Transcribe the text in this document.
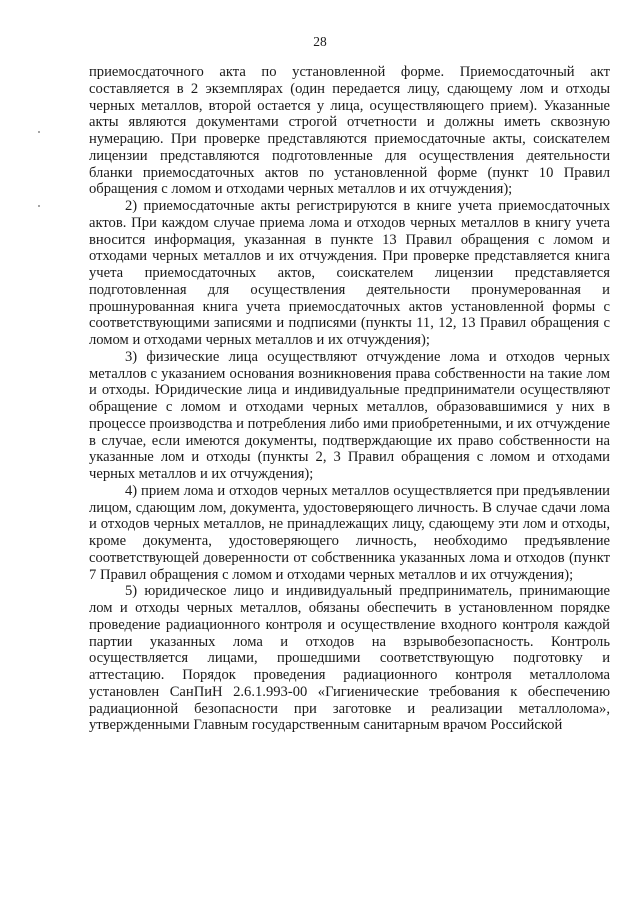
28

приемосдаточного акта по установленной форме. Приемосдаточный акт составляется в 2 экземплярах (один передается лицу, сдающему лом и отходы черных металлов, второй остается у лица, осуществляющего прием). Указанные акты являются документами строгой отчетности и должны иметь сквозную нумерацию. При проверке представляются приемосдаточные акты, соискателем лицензии представляются подготовленные для осуществления деятельности бланки приемосдаточных актов по установленной форме (пункт 10 Правил обращения с ломом и отходами черных металлов и их отчуждения);

2) приемосдаточные акты регистрируются в книге учета приемосдаточных актов. При каждом случае приема лома и отходов черных металлов в книгу учета вносится информация, указанная в пункте 13 Правил обращения с ломом и отходами черных металлов и их отчуждения. При проверке представляется книга учета приемосдаточных актов, соискателем лицензии представляется подготовленная для осуществления деятельности пронумерованная и прошнурованная книга учета приемосдаточных актов установленной формы с соответствующими записями и подписями (пункты 11, 12, 13 Правил обращения с ломом и отходами черных металлов и их отчуждения);

3) физические лица осуществляют отчуждение лома и отходов черных металлов с указанием основания возникновения права собственности на такие лом и отходы. Юридические лица и индивидуальные предприниматели осуществляют обращение с ломом и отходами черных металлов, образовавшимися у них в процессе производства и потребления либо ими приобретенными, и их отчуждение в случае, если имеются документы, подтверждающие их право собственности на указанные лом и отходы (пункты 2, 3 Правил обращения с ломом и отходами черных металлов и их отчуждения);

4) прием лома и отходов черных металлов осуществляется при предъявлении лицом, сдающим лом, документа, удостоверяющего личность. В случае сдачи лома и отходов черных металлов, не принадлежащих лицу, сдающему эти лом и отходы, кроме документа, удостоверяющего личность, необходимо предъявление соответствующей доверенности от собственника указанных лома и отходов (пункт 7 Правил обращения с ломом и отходами черных металлов и их отчуждения);

5) юридическое лицо и индивидуальный предприниматель, принимающие лом и отходы черных металлов, обязаны обеспечить в установленном порядке проведение радиационного контроля и осуществление входного контроля каждой партии указанных лома и отходов на взрывобезопасность. Контроль осуществляется лицами, прошедшими соответствующую подготовку и аттестацию. Порядок проведения радиационного контроля металлолома установлен СанПиН 2.6.1.993-00 «Гигиенические требования к обеспечению радиационной безопасности при заготовке и реализации металлолома», утвержденными Главным государственным санитарным врачом Российской
